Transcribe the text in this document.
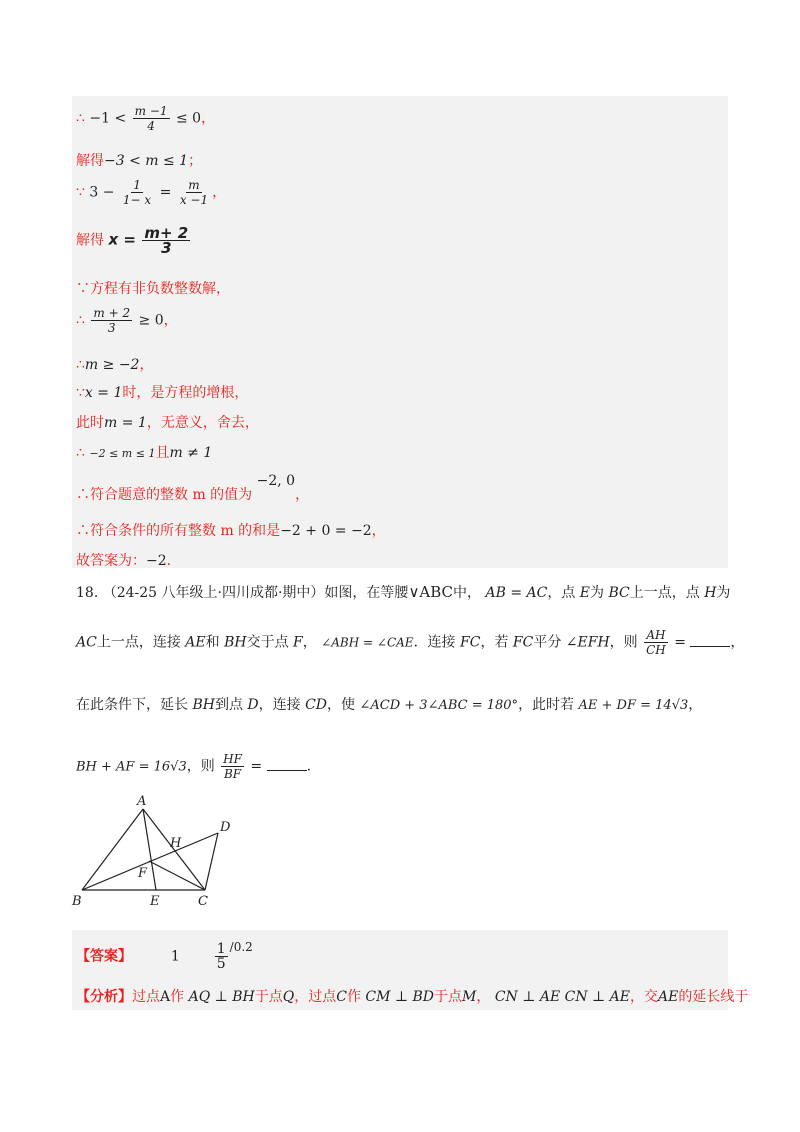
∴ $-1 < \frac{m -1}{4} \le 0$，
解得−3 < m ≤ 1；
∵ $3 - \frac{1}{1- x} = \frac{m}{x -1}$ ，
解得 $x = \frac{m+ 2}{3}$
∵方程有非负数整数解，
∴ $\frac{m + 2}{3} \ge 0$，
∴m ≥ −2，
∵x = 1时，是方程的增根，
此时m = 1，无意义，舍去，
∴ −2 ≤ m ≤ 1且m ≠ 1
∴符合题意的整数 m 的值为 −2, 0，
∴符合条件的所有整数 m 的和是−2 + 0 = −2，
故答案为：−2．
18. （24-25 八年级上·四川成都·期中）如图，在等腰∨ABC中， AB = AC，点 E为 BC上一点，点 H为
AC上一点，连接 AE和 BH交于点 F， ∠ABH = ∠CAE．连接 FC，若 FC平分 ∠EFH，则 $\frac{AH}{CH}$ =	，
在此条件下，延长 BH到点 D，连接 CD，使 ∠ACD + 3∠ABC = 180°，此时若 AE + DF = 14√3，
BH + AF = 16√3，则 $\frac{HF}{BF}$ =	.
A
B	C
D
E
F
H
【答案】	$1 \frac{1}{5} /0.2$
【分析】过点A作 AQ ⊥ BH于点Q，过点C作 CM ⊥ BD于点M， CN ⊥ AE CN ⊥ AE，交AE的延长线于
